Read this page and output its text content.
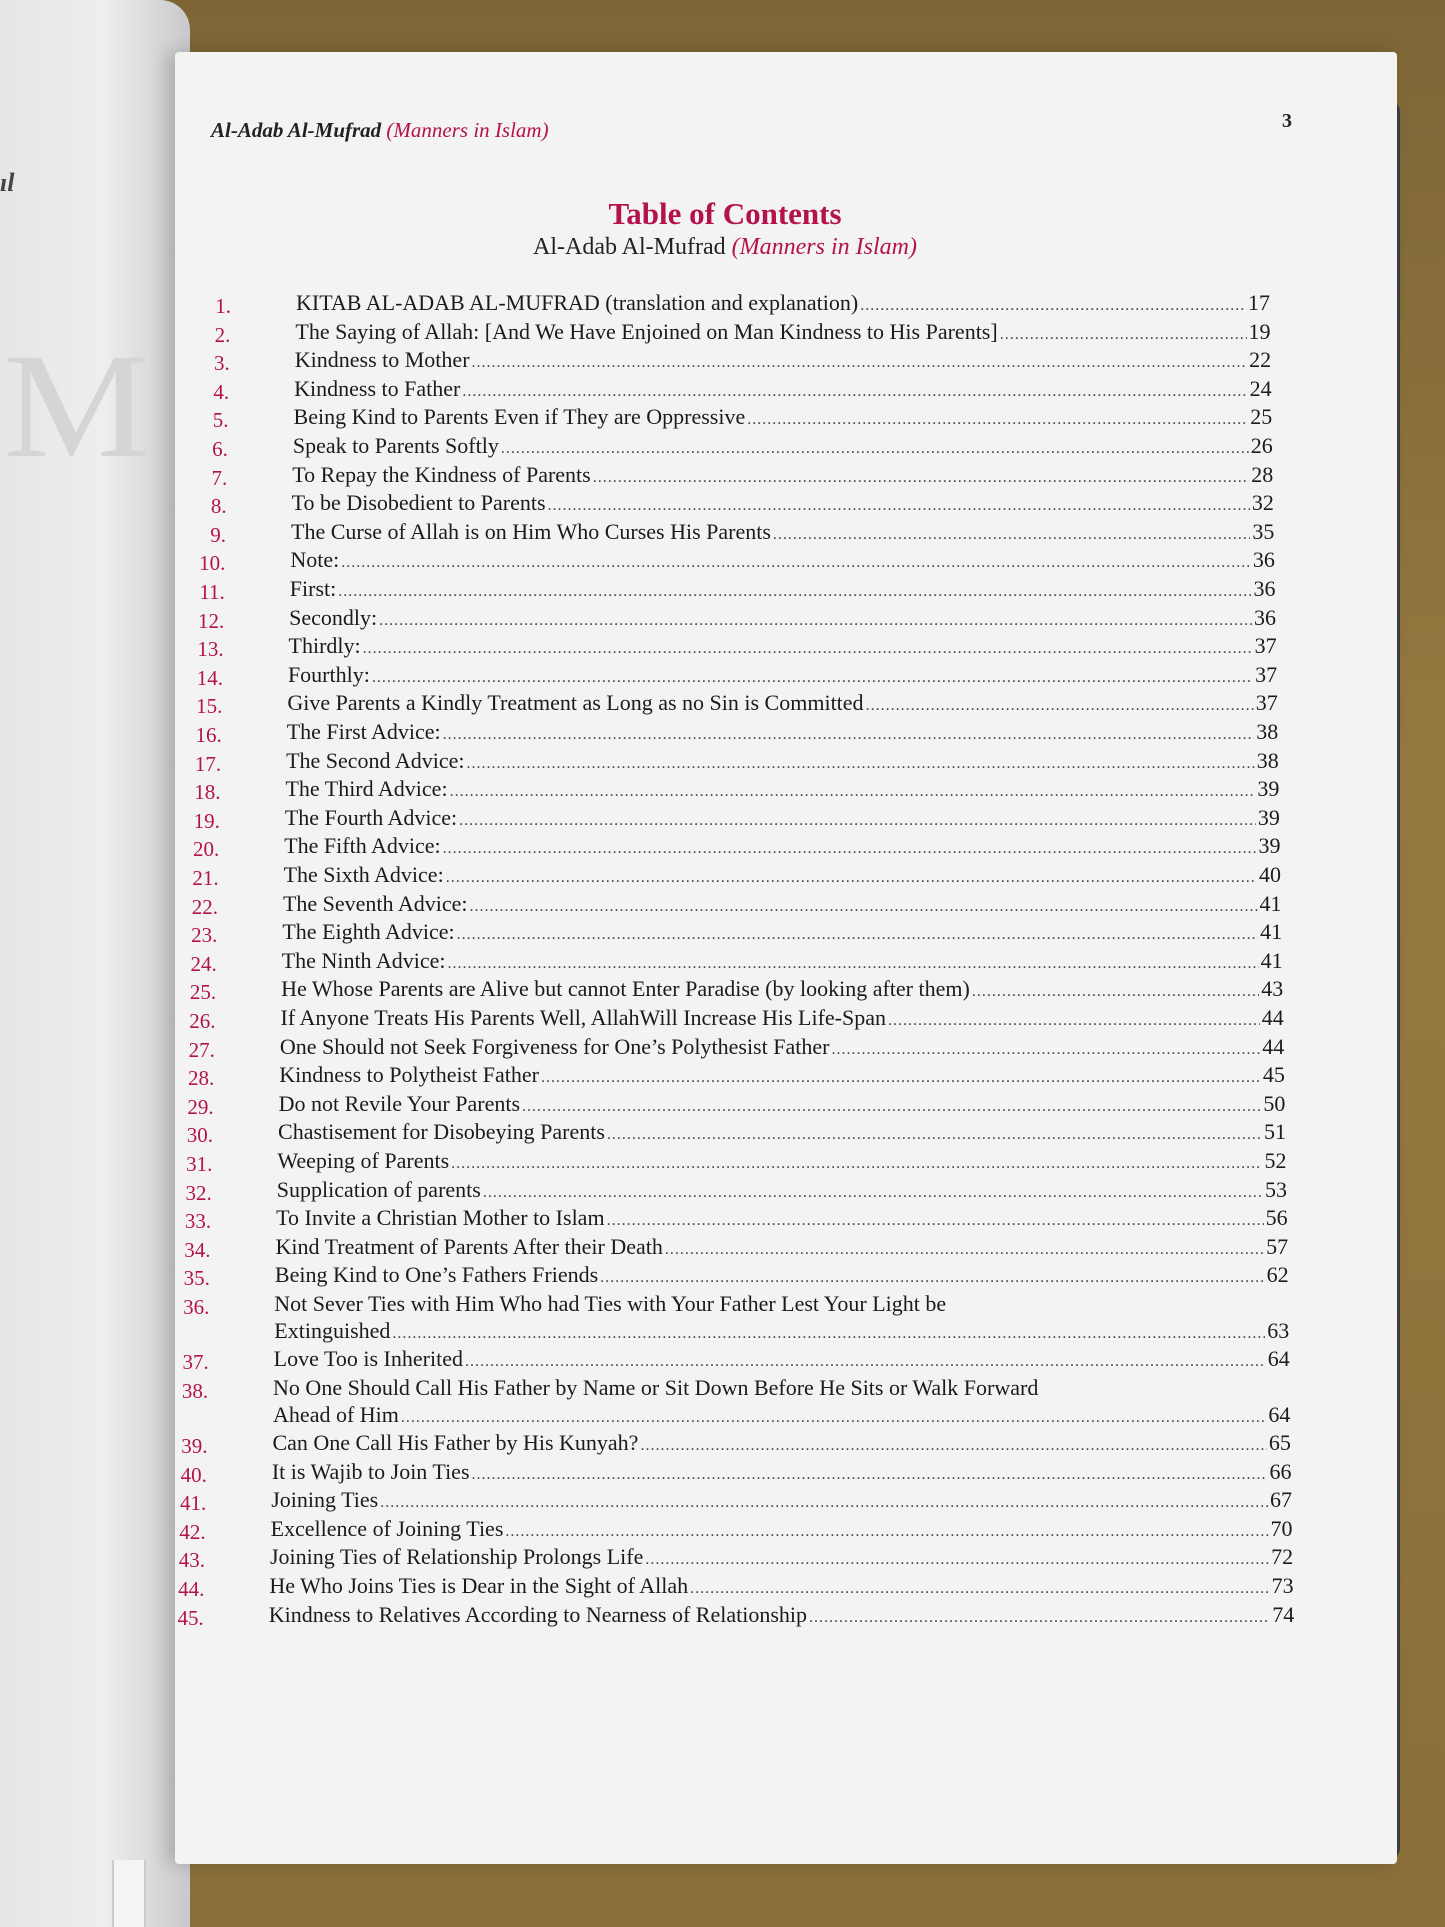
M
ıl
Al-Adab Al-Mufrad (Manners in Islam)	3
Table of Contents
Al-Adab Al-Mufrad (Manners in Islam)
1.	KITAB AL-ADAB AL-MUFRAD (translation and explanation) .....	17
2.	The Saying of Allah: [And We Have Enjoined on Man Kindness to His Parents] .....	19
3.	Kindness to Mother .....	22
4.	Kindness to Father .....	24
5.	Being Kind to Parents Even if They are Oppressive .....	25
6.	Speak to Parents Softly .....	26
7.	To Repay the Kindness of Parents .....	28
8.	To be Disobedient to Parents .....	32
9.	The Curse of Allah is on Him Who Curses His Parents .....	35
10.	Note: .....	36
11.	First: .....	36
12.	Secondly: .....	36
13.	Thirdly: .....	37
14.	Fourthly: .....	37
15.	Give Parents a Kindly Treatment as Long as no Sin is Committed .....	37
16.	The First Advice: .....	38
17.	The Second Advice: .....	38
18.	The Third Advice: .....	39
19.	The Fourth Advice: .....	39
20.	The Fifth Advice: .....	39
21.	The Sixth Advice: .....	40
22.	The Seventh Advice: .....	41
23.	The Eighth Advice: .....	41
24.	The Ninth Advice: .....	41
25.	He Whose Parents are Alive but cannot Enter Paradise (by looking after them) .....	43
26.	If Anyone Treats His Parents Well, AllahWill Increase His Life-Span .....	44
27.	One Should not Seek Forgiveness for One’s Polythesist Father .....	44
28.	Kindness to Polytheist Father .....	45
29.	Do not Revile Your Parents .....	50
30.	Chastisement for Disobeying Parents .....	51
31.	Weeping of Parents .....	52
32.	Supplication of parents .....	53
33.	To Invite a Christian Mother to Islam .....	56
34.	Kind Treatment of Parents After their Death .....	57
35.	Being Kind to One’s Fathers Friends .....	62
36.	Not Sever Ties with Him Who had Ties with Your Father Lest Your Light be
Extinguished .....	63
37.	Love Too is Inherited .....	64
38.	No One Should Call His Father by Name or Sit Down Before He Sits or Walk Forward
Ahead of Him .....	64
39.	Can One Call His Father by His Kunyah? .....	65
40.	It is Wajib to Join Ties .....	66
41.	Joining Ties .....	67
42.	Excellence of Joining Ties .....	70
43.	Joining Ties of Relationship Prolongs Life .....	72
44.	He Who Joins Ties is Dear in the Sight of Allah .....	73
45.	Kindness to Relatives According to Nearness of Relationship .....	74
